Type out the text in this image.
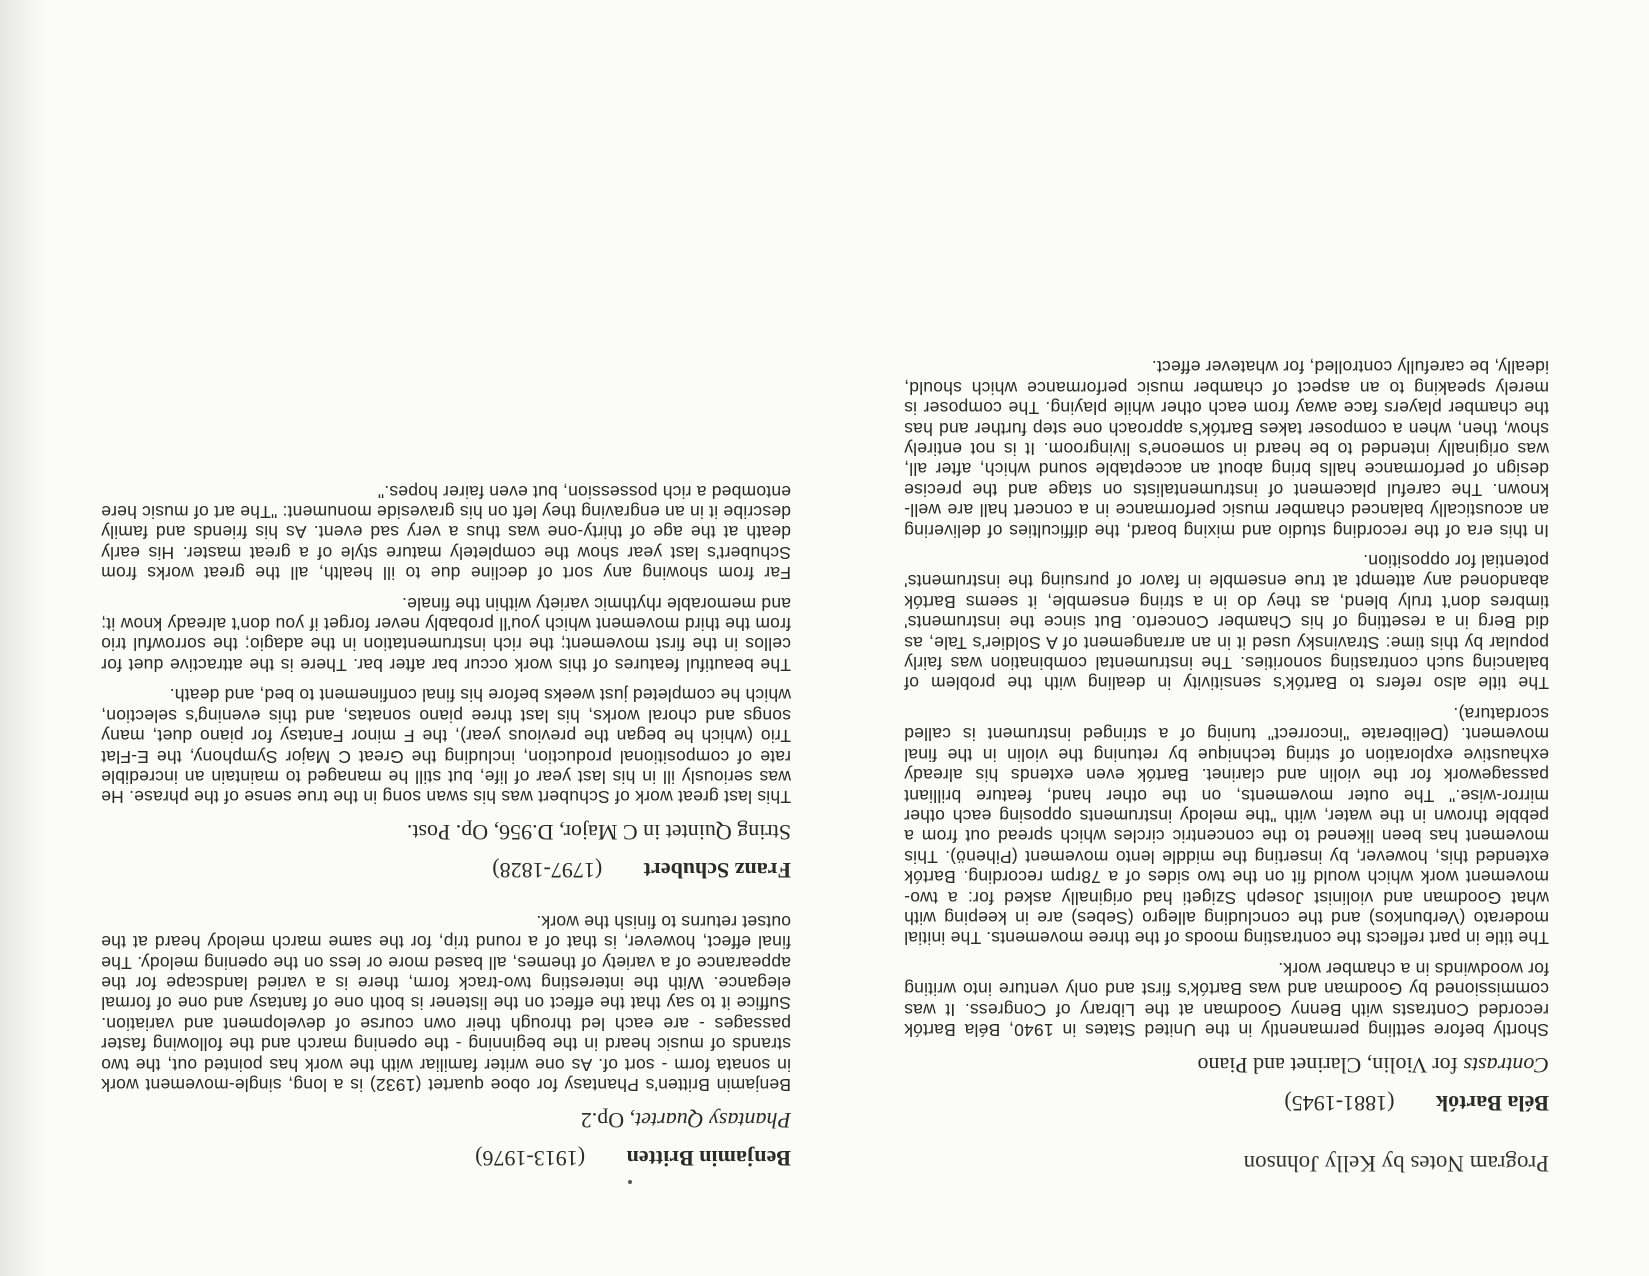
Program Notes by Kelly Johnson
Béla Bartók (1881-1945)
Contrasts for Violin, Clarinet and Piano

Shortly before settling permanently in the United States in 1940, Béla Bartók recorded Contrasts with Benny Goodman at the Library of Congress. It was commissioned by Goodman and was Bartók's first and only venture into writing for woodwinds in a chamber work.

The title in part reflects the contrasting moods of the three movements. The initial moderato (Verbunkos) and the concluding allegro (Sebes) are in keeping with what Goodman and violinist Joseph Szigeti had originally asked for: a two-movement work which would fit on the two sides of a 78rpm recording. Bartók extended this, however, by inserting the middle lento movement (Pihenö). This movement has been likened to the concentric circles which spread out from a pebble thrown in the water, with "the melody instruments opposing each other mirror-wise." The outer movements, on the other hand, feature brilliant passagework for the violin and clarinet. Bartók even extends his already exhaustive exploration of string technique by retuning the violin in the final movement. (Deliberate "incorrect" tuning of a stringed instrument is called scordatura).

The title also refers to Bartók's sensitivity in dealing with the problem of balancing such contrasting sonorities. The instrumental combination was fairly popular by this time: Stravinsky used it in an arrangement of A Soldier's Tale, as did Berg in a resetting of his Chamber Concerto. But since the instruments' timbres don't truly blend, as they do in a string ensemble, it seems Bartók abandoned any attempt at true ensemble in favor of pursuing the instruments' potential for opposition.

In this era of the recording studio and mixing board, the difficulties of delivering an acoustically balanced chamber music performance in a concert hall are well-known. The careful placement of instrumentalists on stage and the precise design of performance halls bring about an acceptable sound which, after all, was originally intended to be heard in someone's livingroom. It is not entirely show, then, when a composer takes Bartók's approach one step further and has the chamber players face away from each other while playing. The composer is merely speaking to an aspect of chamber music performance which should, ideally, be carefully controlled, for whatever effect.

Benjamin Britten (1913-1976)
Phantasy Quartet, Op.2

Benjamin Britten's Phantasy for oboe quartet (1932) is a long, single-movement work in sonata form - sort of. As one writer familiar with the work has pointed out, the two strands of music heard in the beginning - the opening march and the following faster passages - are each led through their own course of development and variation. Suffice it to say that the effect on the listener is both one of fantasy and one of formal elegance. With the interesting two-track form, there is a varied landscape for the appearance of a variety of themes, all based more or less on the opening melody. The final effect, however, is that of a round trip, for the same march melody heard at the outset returns to finish the work.

Franz Schubert (1797-1828)
String Quintet in C Major, D.956, Op. Post.

This last great work of Schubert was his swan song in the true sense of the phrase. He was seriously ill in his last year of life, but still he managed to maintain an incredible rate of compositional production, including the Great C Major Symphony, the E-Flat Trio (which he began the previous year), the F minor Fantasy for piano duet, many songs and choral works, his last three piano sonatas, and this evening's selection, which he completed just weeks before his final confinement to bed, and death.

The beautiful features of this work occur bar after bar. There is the attractive duet for cellos in the first movement; the rich instrumentation in the adagio; the sorrowful trio from the third movement which you'll probably never forget if you don't already know it; and memorable rhythmic variety within the finale.

Far from showing any sort of decline due to ill health, all the great works from Schubert's last year show the completely mature style of a great master. His early death at the age of thirty-one was thus a very sad event. As his friends and family describe it in an engraving they left on his graveside monument: "The art of music here entombed a rich possession, but even fairer hopes."
